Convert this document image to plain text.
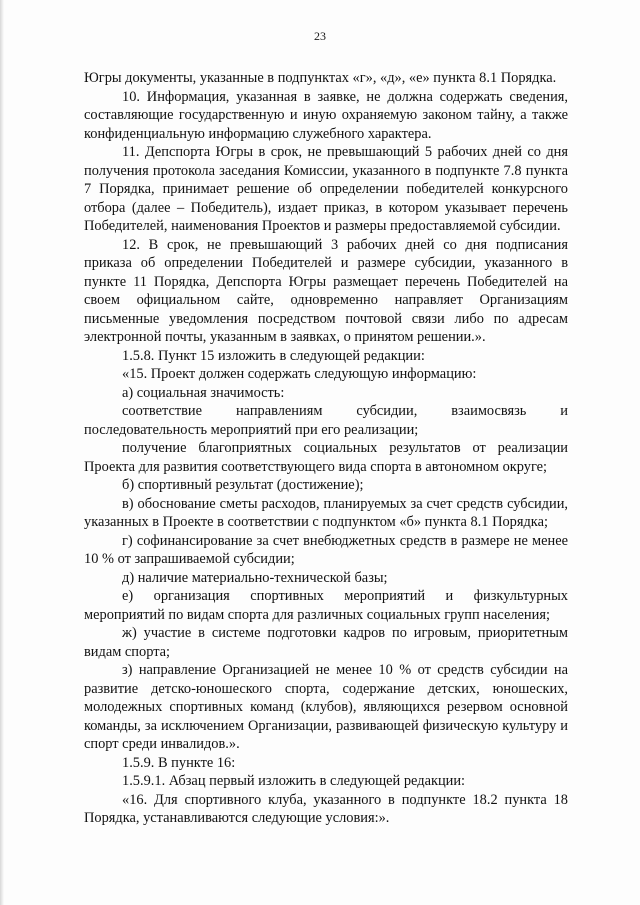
23

Югры документы, указанные в подпунктах «г», «д», «е» пункта 8.1 Порядка.

10. Информация, указанная в заявке, не должна содержать сведения, составляющие государственную и иную охраняемую законом тайну, а также конфиденциальную информацию служебного характера.

11. Депспорта Югры в срок, не превышающий 5 рабочих дней со дня получения протокола заседания Комиссии, указанного в подпункте 7.8 пункта 7 Порядка, принимает решение об определении победителей конкурсного отбора (далее – Победитель), издает приказ, в котором указывает перечень Победителей, наименования Проектов и размеры предоставляемой субсидии.

12. В срок, не превышающий 3 рабочих дней со дня подписания приказа об определении Победителей и размере субсидии, указанного в пункте 11 Порядка, Депспорта Югры размещает перечень Победителей на своем официальном сайте, одновременно направляет Организациям письменные уведомления посредством почтовой связи либо по адресам электронной почты, указанным в заявках, о принятом решении.».

1.5.8. Пункт 15 изложить в следующей редакции:

«15. Проект должен содержать следующую информацию:

а) социальная значимость:

соответствие направлениям субсидии, взаимосвязь и последовательность мероприятий при его реализации;

получение благоприятных социальных результатов от реализации Проекта для развития соответствующего вида спорта в автономном округе;

б) спортивный результат (достижение);

в) обоснование сметы расходов, планируемых за счет средств субсидии, указанных в Проекте в соответствии с подпунктом «б» пункта 8.1 Порядка;

г) софинансирование за счет внебюджетных средств в размере не менее 10 % от запрашиваемой субсидии;

д) наличие материально-технической базы;

е) организация спортивных мероприятий и физкультурных мероприятий по видам спорта для различных социальных групп населения;

ж) участие в системе подготовки кадров по игровым, приоритетным видам спорта;

з) направление Организацией не менее 10 % от средств субсидии на развитие детско-юношеского спорта, содержание детских, юношеских, молодежных спортивных команд (клубов), являющихся резервом основной команды, за исключением Организации, развивающей физическую культуру и спорт среди инвалидов.».

1.5.9. В пункте 16:

1.5.9.1. Абзац первый изложить в следующей редакции:

«16. Для спортивного клуба, указанного в подпункте 18.2 пункта 18 Порядка, устанавливаются следующие условия:».
